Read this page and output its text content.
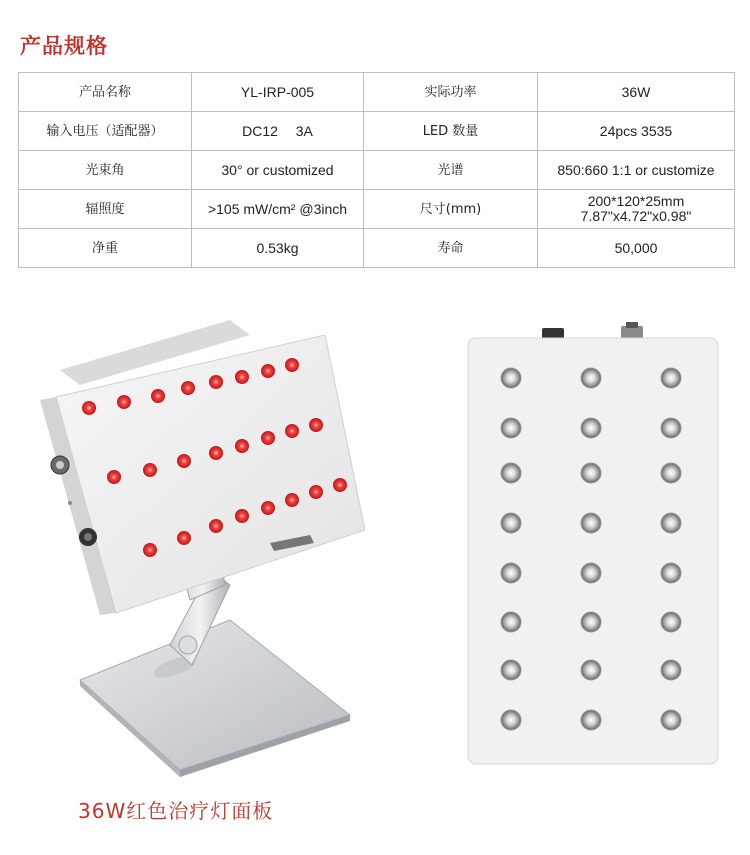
产品规格
产品名称	YL-IRP-005	实际功率	36W
输入电压（适配器）	DC12　 3A	LED 数量	24pcs 3535
光束角	30° or customized	光谱	850:660 1:1 or customize
辐照度	>105 mW/cm² @3inch	尺寸(mm)	200*120*25mm
7.87"x4.72"x0.98"

净重	0.53kg	寿命	50,000
36W红色治疗灯面板
